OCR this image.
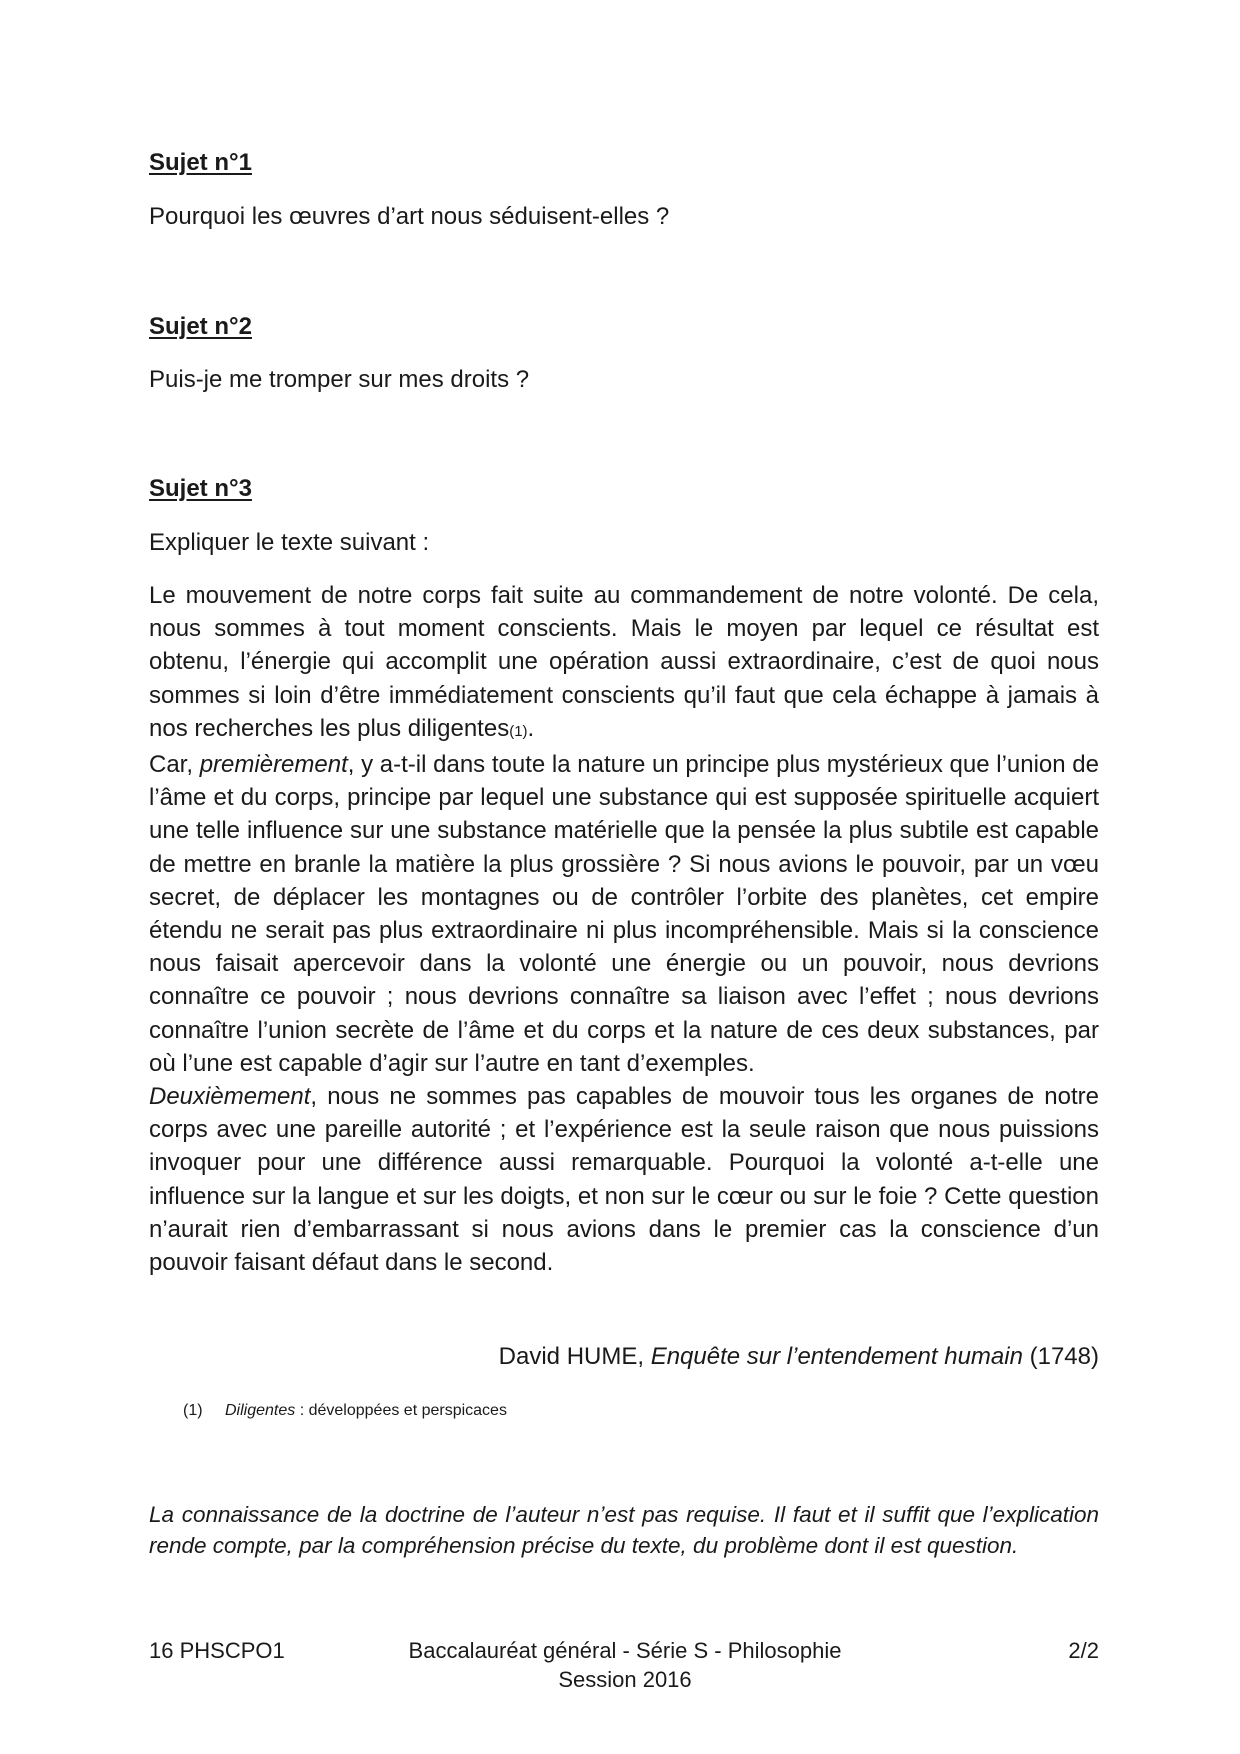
Sujet n°1
Pourquoi les œuvres d’art nous séduisent-elles ?
Sujet n°2
Puis-je me tromper sur mes droits ?
Sujet n°3
Expliquer le texte suivant :

Le mouvement de notre corps fait suite au commandement de notre volonté. De cela, nous sommes à tout moment conscients. Mais le moyen par lequel ce résultat est obtenu, l’énergie qui accomplit une opération aussi extraordinaire, c’est de quoi nous sommes si loin d’être immédiatement conscients qu’il faut que cela échappe à jamais à nos recherches les plus diligentes(1).

Car, premièrement, y a-t-il dans toute la nature un principe plus mystérieux que l’union de l’âme et du corps, principe par lequel une substance qui est supposée spirituelle acquiert une telle influence sur une substance matérielle que la pensée la plus subtile est capable de mettre en branle la matière la plus grossière ? Si nous avions le pouvoir, par un vœu secret, de déplacer les montagnes ou de contrôler l’orbite des planètes, cet empire étendu ne serait pas plus extraordinaire ni plus incompréhensible. Mais si la conscience nous faisait apercevoir dans la volonté une énergie ou un pouvoir, nous devrions connaître ce pouvoir ; nous devrions connaître sa liaison avec l’effet ; nous devrions connaître l’union secrète de l’âme et du corps et la nature de ces deux substances, par où l’une est capable d’agir sur l’autre en tant d’exemples.

Deuxièmement, nous ne sommes pas capables de mouvoir tous les organes de notre corps avec une pareille autorité ; et l’expérience est la seule raison que nous puissions invoquer pour une différence aussi remarquable. Pourquoi la volonté a-t-elle une influence sur la langue et sur les doigts, et non sur le cœur ou sur le foie ? Cette question n’aurait rien d’embarrassant si nous avions dans le premier cas la conscience d’un pouvoir faisant défaut dans le second.

David HUME, Enquête sur l’entendement humain (1748)
(1) Diligentes : développées et perspicaces
La connaissance de la doctrine de l’auteur n’est pas requise. Il faut et il suffit que l’explication rende compte, par la compréhension précise du texte, du problème dont il est question.
16 PHSCPO1	Baccalauréat général - Série S - Philosophie
Session 2016
2/2
